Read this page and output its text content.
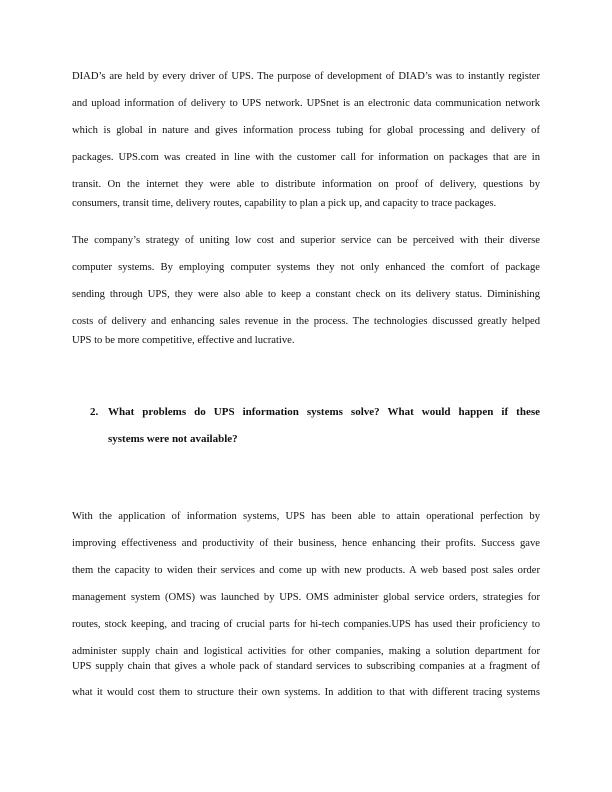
DIAD’s are held by every driver of UPS. The purpose of development of DIAD’s was to instantly register
and upload information of delivery to UPS network. UPSnet is an electronic data communication network
which is global in nature and gives information process tubing for global processing and delivery of
packages. UPS.com was created in line with the customer call for information on packages that are in
transit. On the internet they were able to distribute information on proof of delivery, questions by
consumers, transit time, delivery routes, capability to plan a pick up, and capacity to trace packages.
The company’s strategy of uniting low cost and superior service can be perceived with their diverse
computer systems. By employing computer systems they not only enhanced the comfort of package
sending through UPS, they were also able to keep a constant check on its delivery status. Diminishing
costs of delivery and enhancing sales revenue in the process. The technologies discussed greatly helped
UPS to be more competitive, effective and lucrative.
2. What problems do UPS information systems solve? What would happen if these
systems were not available?
With the application of information systems, UPS has been able to attain operational perfection by
improving effectiveness and productivity of their business, hence enhancing their profits. Success gave
them the capacity to widen their services and come up with new products. A web based post sales order
management system (OMS) was launched by UPS. OMS administer global service orders, strategies for
routes, stock keeping, and tracing of crucial parts for hi-tech companies.UPS has used their proficiency to
administer supply chain and logistical activities for other companies, making a solution department for
UPS supply chain that gives a whole pack of standard services to subscribing companies at a fragment of
what it would cost them to structure their own systems. In addition to that with different tracing systems
